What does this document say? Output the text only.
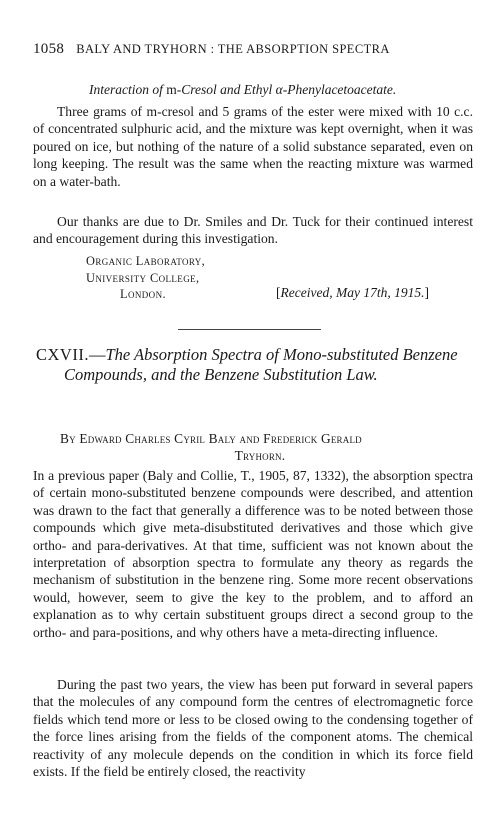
1058 BALY AND TRYHORN : THE ABSORPTION SPECTRA
Interaction of m-Cresol and Ethyl α-Phenylacetoacetate.

Three grams of m-cresol and 5 grams of the ester were mixed with 10 c.c. of concentrated sulphuric acid, and the mixture was kept overnight, when it was poured on ice, but nothing of the nature of a solid substance separated, even on long keeping. The result was the same when the reacting mixture was warmed on a water-bath.

Our thanks are due to Dr. Smiles and Dr. Tuck for their continued interest and encouragement during this investigation.

Organic Laboratory,
University College,
London.	[Received, May 17th, 1915.]
CXVII.—The Absorption Spectra of Mono-substituted Benzene Compounds, and the Benzene Substitution Law.
By Edward Charles Cyril Baly and Frederick Gerald
Tryhorn.

In a previous paper (Baly and Collie, T., 1905, 87, 1332), the absorption spectra of certain mono-substituted benzene compounds were described, and attention was drawn to the fact that generally a difference was to be noted between those compounds which give meta-disubstituted derivatives and those which give ortho- and para-derivatives. At that time, sufficient was not known about the interpretation of absorption spectra to formulate any theory as regards the mechanism of substitution in the benzene ring. Some more recent observations would, however, seem to give the key to the problem, and to afford an explanation as to why certain substituent groups direct a second group to the ortho- and para-positions, and why others have a meta-directing influence.

During the past two years, the view has been put forward in several papers that the molecules of any compound form the centres of electromagnetic force fields which tend more or less to be closed owing to the condensing together of the force lines arising from the fields of the component atoms. The chemical reactivity of any molecule depends on the condition in which its force field exists. If the field be entirely closed, the reactivity
